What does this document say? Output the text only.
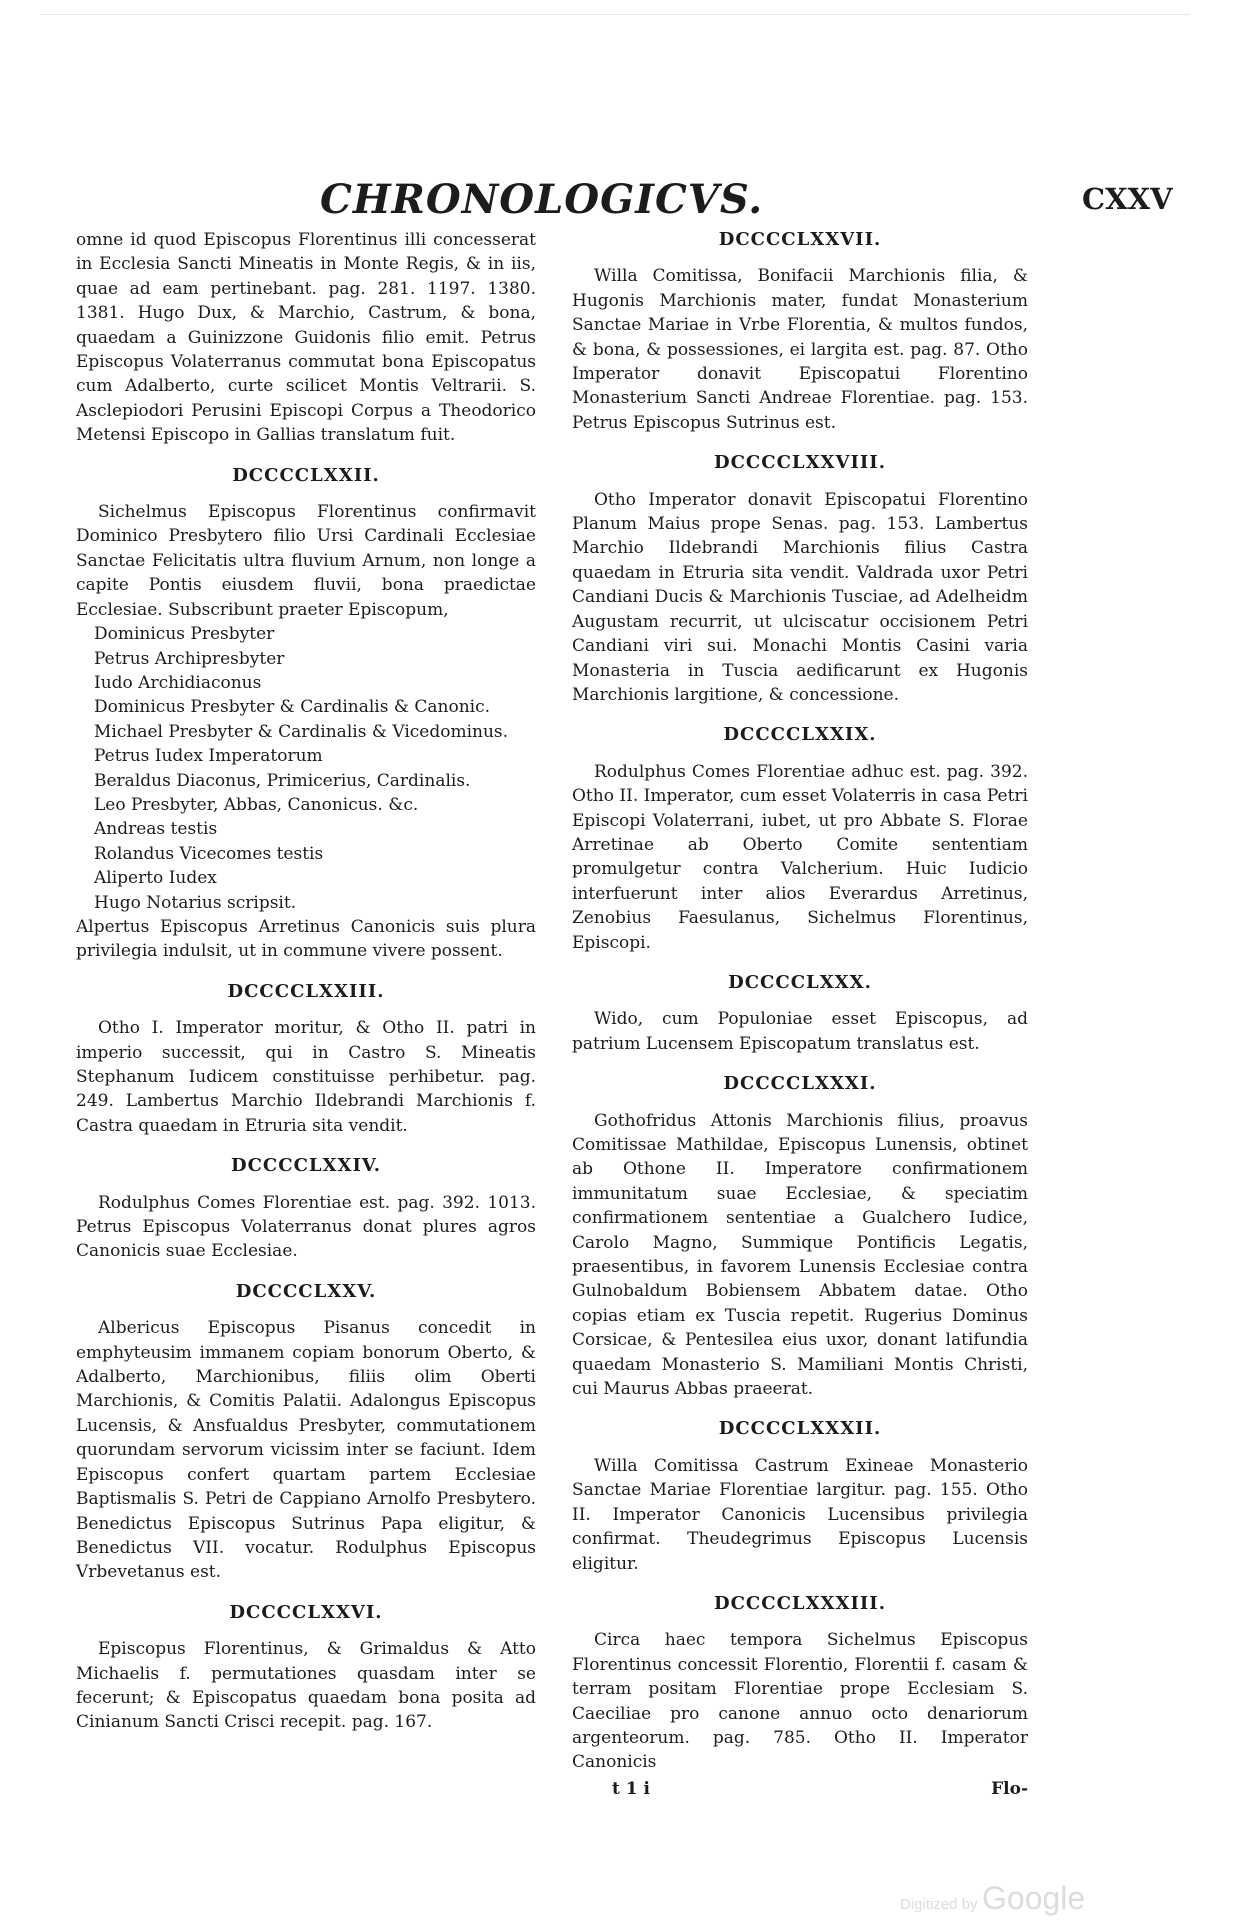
CHRONOLOGICVS.	CXXV

omne id quod Episcopus Florentinus illi concesserat in Ecclesia Sancti Mineatis in Monte Regis, & in iis, quae ad eam pertinebant. pag. 281. 1197. 1380. 1381. Hugo Dux, & Marchio, Castrum, & bona, quaedam a Guinizzone Guidonis filio emit. Petrus Episcopus Volaterranus commutat bona Episcopatus cum Adalberto, curte scilicet Montis Veltrarii. S. Asclepiodori Perusini Episcopi Corpus a Theodorico Metensi Episcopo in Gallias translatum fuit.

DCCCCLXXII.

Sichelmus Episcopus Florentinus confirmavit Dominico Presbytero filio Ursi Cardinali Ecclesiae Sanctae Felicitatis ultra fluvium Arnum, non longe a capite Pontis eiusdem fluvii, bona praedictae Ecclesiae. Subscribunt praeter Episcopum,

Dominicus Presbyter

Petrus Archipresbyter

Iudo Archidiaconus

Dominicus Presbyter & Cardinalis & Canonic.

Michael Presbyter & Cardinalis & Vicedominus.

Petrus Iudex Imperatorum

Beraldus Diaconus, Primicerius, Cardinalis.

Leo Presbyter, Abbas, Canonicus. &c.

Andreas testis

Rolandus Vicecomes testis

Aliperto Iudex

Hugo Notarius scripsit.

Alpertus Episcopus Arretinus Canonicis suis plura privilegia indulsit, ut in commune vivere possent.

DCCCCLXXIII.

Otho I. Imperator moritur, & Otho II. patri in imperio successit, qui in Castro S. Mineatis Stephanum Iudicem constituisse perhibetur. pag. 249. Lambertus Marchio Ildebrandi Marchionis f. Castra quaedam in Etruria sita vendit.

DCCCCLXXIV.

Rodulphus Comes Florentiae est. pag. 392. 1013. Petrus Episcopus Volaterranus donat plures agros Canonicis suae Ecclesiae.

DCCCCLXXV.

Albericus Episcopus Pisanus concedit in emphyteusim immanem copiam bonorum Oberto, & Adalberto, Marchionibus, filiis olim Oberti Marchionis, & Comitis Palatii. Adalongus Episcopus Lucensis, & Ansfualdus Presbyter, commutationem quorundam servorum vicissim inter se faciunt. Idem Episcopus confert quartam partem Ecclesiae Baptismalis S. Petri de Cappiano Arnolfo Presbytero. Benedictus Episcopus Sutrinus Papa eligitur, & Benedictus VII. vocatur. Rodulphus Episcopus Vrbevetanus est.

DCCCCLXXVI.

Episcopus Florentinus, & Grimaldus & Atto Michaelis f. permutationes quasdam inter se fecerunt; & Episcopatus quaedam bona posita ad Cinianum Sancti Crisci recepit. pag. 167.

DCCCCLXXVII.

Willa Comitissa, Bonifacii Marchionis filia, & Hugonis Marchionis mater, fundat Monasterium Sanctae Mariae in Vrbe Florentia, & multos fundos, & bona, & possessiones, ei largita est. pag. 87. Otho Imperator donavit Episcopatui Florentino Monasterium Sancti Andreae Florentiae. pag. 153. Petrus Episcopus Sutrinus est.

DCCCCLXXVIII.

Otho Imperator donavit Episcopatui Florentino Planum Maius prope Senas. pag. 153. Lambertus Marchio Ildebrandi Marchionis filius Castra quaedam in Etruria sita vendit. Valdrada uxor Petri Candiani Ducis & Marchionis Tusciae, ad Adelheidm Augustam recurrit, ut ulciscatur occisionem Petri Candiani viri sui. Monachi Montis Casini varia Monasteria in Tuscia aedificarunt ex Hugonis Marchionis largitione, & concessione.

DCCCCLXXIX.

Rodulphus Comes Florentiae adhuc est. pag. 392. Otho II. Imperator, cum esset Volaterris in casa Petri Episcopi Volaterrani, iubet, ut pro Abbate S. Florae Arretinae ab Oberto Comite sententiam promulgetur contra Valcherium. Huic Iudicio interfuerunt inter alios Everardus Arretinus, Zenobius Faesulanus, Sichelmus Florentinus, Episcopi.

DCCCCLXXX.

Wido, cum Populoniae esset Episcopus, ad patrium Lucensem Episcopatum translatus est.

DCCCCLXXXI.

Gothofridus Attonis Marchionis filius, proavus Comitissae Mathildae, Episcopus Lunensis, obtinet ab Othone II. Imperatore confirmationem immunitatum suae Ecclesiae, & speciatim confirmationem sententiae a Gualchero Iudice, Carolo Magno, Summique Pontificis Legatis, praesentibus, in favorem Lunensis Ecclesiae contra Gulnobaldum Bobiensem Abbatem datae. Otho copias etiam ex Tuscia repetit. Rugerius Dominus Corsicae, & Pentesilea eius uxor, donant latifundia quaedam Monasterio S. Mamiliani Montis Christi, cui Maurus Abbas praeerat.

DCCCCLXXXII.

Willa Comitissa Castrum Exineae Monasterio Sanctae Mariae Florentiae largitur. pag. 155. Otho II. Imperator Canonicis Lucensibus privilegia confirmat. Theudegrimus Episcopus Lucensis eligitur.

DCCCCLXXXIII.

Circa haec tempora Sichelmus Episcopus Florentinus concessit Florentio, Florentii f. casam & terram positam Florentiae prope Ecclesiam S. Caeciliae pro canone annuo octo denariorum argenteorum. pag. 785. Otho II. Imperator Canonicis

t 1 i	Flo-
Digitized by Google
